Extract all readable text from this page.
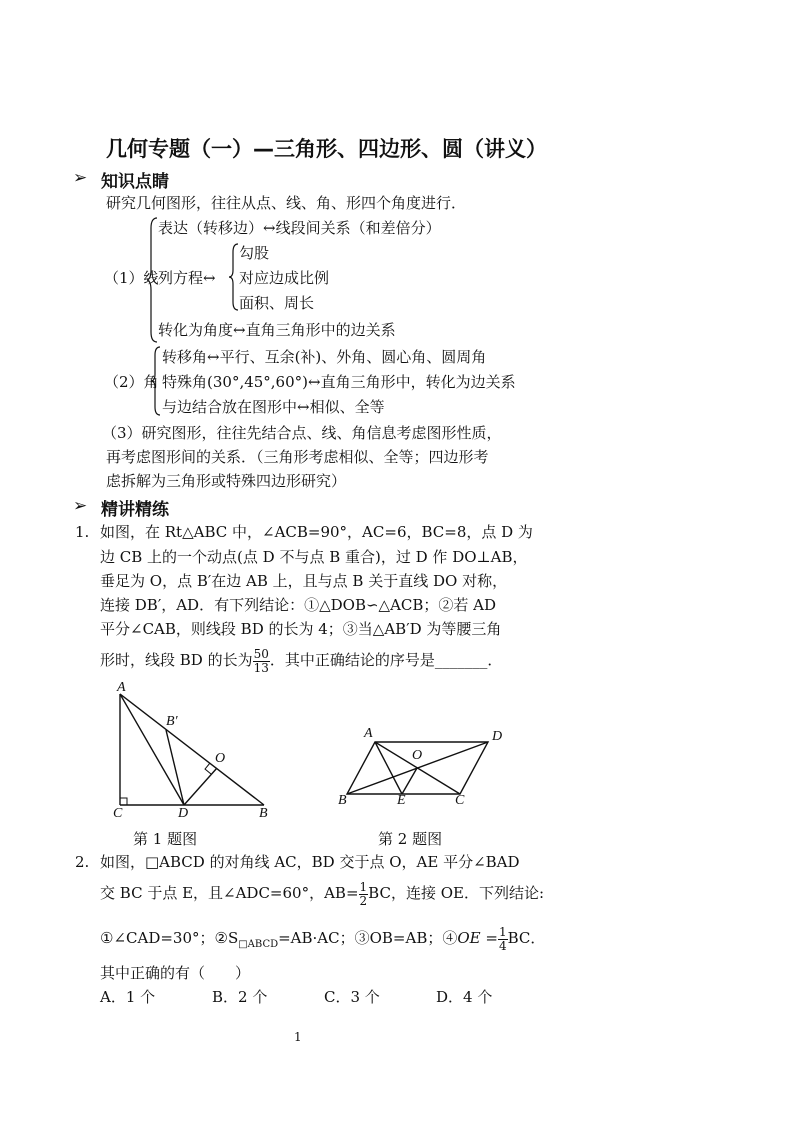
几何专题（一）—三角形、四边形、圆（讲义）
➢ 知识点睛
研究几何图形，往往从点、线、角、形四个角度进行．
（1）线
表达（转移边）↔线段间关系（和差倍分）
列方程↔
勾股
对应边成比例
面积、周长
转化为角度↔直角三角形中的边关系
（2）角
转移角↔平行、互余(补)、外角、圆心角、圆周角
特殊角(30°,45°,60°)↔直角三角形中，转化为边关系
与边结合放在图形中↔相似、全等
（3）研究图形，往往先结合点、线、角信息考虑图形性质，
再考虑图形间的关系．（三角形考虑相似、全等；四边形考
虑拆解为三角形或特殊四边形研究）
➢ 精讲精练
1. 如图，在 Rt△ABC 中，∠ACB=90°，AC=6，BC=8，点 D 为
边 CB 上的一个动点(点 D 不与点 B 重合)，过 D 作 DO⊥AB，
垂足为 O，点 B′在边 AB 上，且与点 B 关于直线 DO 对称，
连接 DB′，AD．有下列结论：①△DOB∽△ACB；②若 AD
平分∠CAB，则线段 BD 的长为 4；③当△AB′D 为等腰三角
形时，线段 BD 的长为 $\frac{50}{13}$ ．其中正确结论的序号是_______．
A
B′
O
C	D	B
第 1 题图
A
O
D
B	E	C
第 2 题图
2. 如图，□ABCD 的对角线 AC，BD 交于点 O，AE 平分∠BAD
交 BC 于点 E，且∠ADC=60°，$AB= \frac{1}{2}$ BC，连接 OE．下列结论:
①∠CAD=30°；$②S_{□ABCD}=AB\cdot AC$；③OB=AB；④OE = $\frac{1}{4}$ BC．
其中正确的有（　　）
A．1 个	B．2 个	C．3 个	D．4 个
1
